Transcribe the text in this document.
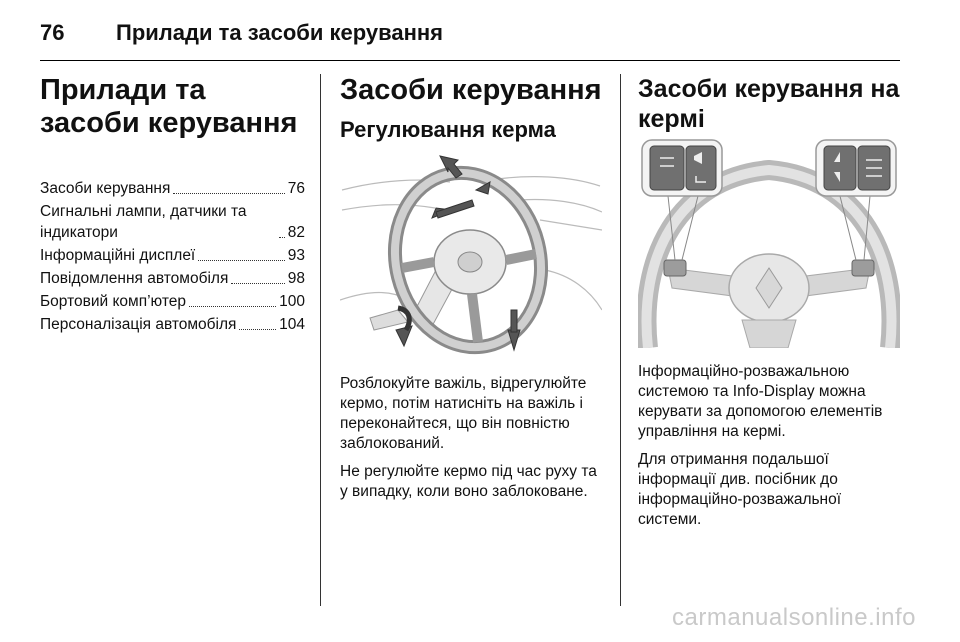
76 Прилади та засоби керування
Прилади та засоби керування
Засоби керування	76
Сигнальні лампи, датчики та індикатори	82
Інформаційні дисплеї	93
Повідомлення автомобіля	98
Бортовий комп’ютер	100
Персоналізація автомобіля	104
Засоби керування
Регулювання керма

Розблокуйте важіль, відрегулюйте кермо, потім натисніть на важіль і переконайтеся, що він повністю заблокований.

Не регулюйте кермо під час руху та у випадку, коли воно заблоковане.

Засоби керування на кермі

Інформаційно-розважальною системою та Info-Display можна керувати за допомогою елементів управління на кермі.

Для отримання подальшої інформації див. посібник до інформаційно-розважальної системи.

carmanualsonline.info
